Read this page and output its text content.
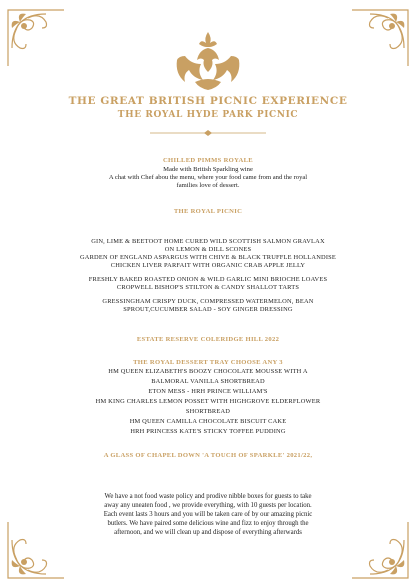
THE GREAT BRITISH PICNIC EXPERIENCE
THE ROYAL HYDE PARK PICNIC
CHILLED PIMMS ROYALE
Made with British Sparkling wine
A chat with Chef abou the menu, where your food came from and the royal
families love of dessert.
THE ROYAL PICNIC
GIN, LIME & BEETOOT HOME CURED WILD SCOTTISH SALMON GRAVLAX
ON LEMON & DILL SCONES
GARDEN OF ENGLAND ASPARGUS WITH CHIVE & BLACK TRUFFLE HOLLANDISE
CHICKEN LIVER PARFAIT WITH ORGANIC CRAB APPLE JELLY
FRESHLY BAKED ROASTED ONION & WILD GARLIC MINI BRIOCHE LOAVES
CROPWELL BISHOP'S STILTON & CANDY SHALLOT TARTS
GRESSINGHAM CRISPY DUCK, COMPRESSED WATERMELON, BEAN
SPROUT,CUCUMBER SALAD - SOY GINGER DRESSING
ESTATE RESERVE COLERIDGE HILL 2022
THE ROYAL DESSERT TRAY CHOOSE ANY 3
HM QUEEN ELIZABETH'S BOOZY CHOCOLATE MOUSSE WITH A
BALMORAL VANILLA SHORTBREAD
ETON MESS - HRH PRINCE WILLIAM'S
HM KING CHARLES LEMON POSSET WITH HIGHGROVE ELDERFLOWER
SHORTBREAD
HM QUEEN CAMILLA CHOCOLATE BISCUIT CAKE
HRH PRINCESS KATE'S STICKY TOFFEE PUDDING
A GLASS OF CHAPEL DOWN 'A TOUCH OF SPARKLE' 2021/22,
We have a not food waste policy and prodive nibble boxes for guests to take
away any uneaten food , we provide everything, with 10 guests per location.
Each event lasts 3 hours and you will be taken care of by our amazing picnic
butlers. We have paired some delicious wine and fizz to enjoy through the
afternoon, and we will clean up and dispose of everything afterwards
